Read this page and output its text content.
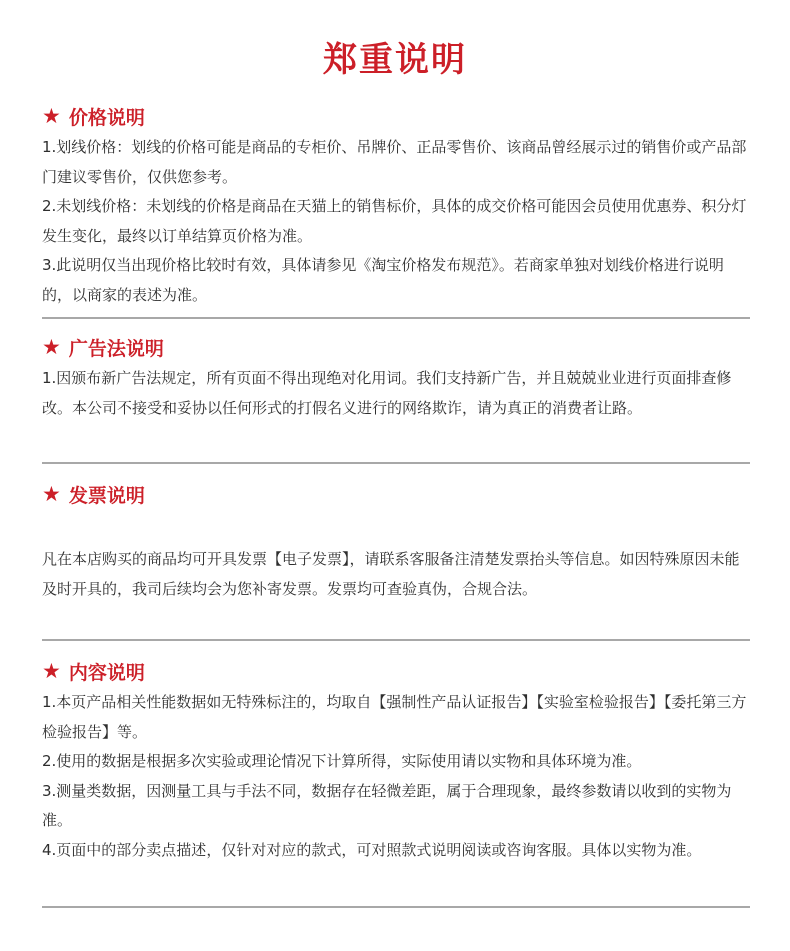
郑重说明
★ 价格说明

1.划线价格：划线的价格可能是商品的专柜价、吊牌价、正品零售价、该商品曾经展示过的销售价或产品部门建议零售价，仅供您参考。

2.未划线价格：未划线的价格是商品在天猫上的销售标价，具体的成交价格可能因会员使用优惠券、积分灯发生变化，最终以订单结算页价格为准。

3.此说明仅当出现价格比较时有效，具体请参见《淘宝价格发布规范》。若商家单独对划线价格进行说明的，以商家的表述为准。

★ 广告法说明

1.因颁布新广告法规定，所有页面不得出现绝对化用词。我们支持新广告，并且兢兢业业进行页面排查修改。本公司不接受和妥协以任何形式的打假名义进行的网络欺诈，请为真正的消费者让路。

★ 发票说明

凡在本店购买的商品均可开具发票【电子发票】，请联系客服备注清楚发票抬头等信息。如因特殊原因未能及时开具的，我司后续均会为您补寄发票。发票均可查验真伪，合规合法。

★ 内容说明

1.本页产品相关性能数据如无特殊标注的，均取自【强制性产品认证报告】【实验室检验报告】【委托第三方检验报告】等。

2.使用的数据是根据多次实验或理论情况下计算所得，实际使用请以实物和具体环境为准。

3.测量类数据，因测量工具与手法不同，数据存在轻微差距，属于合理现象，最终参数请以收到的实物为准。

4.页面中的部分卖点描述，仅针对对应的款式，可对照款式说明阅读或咨询客服。具体以实物为准。
